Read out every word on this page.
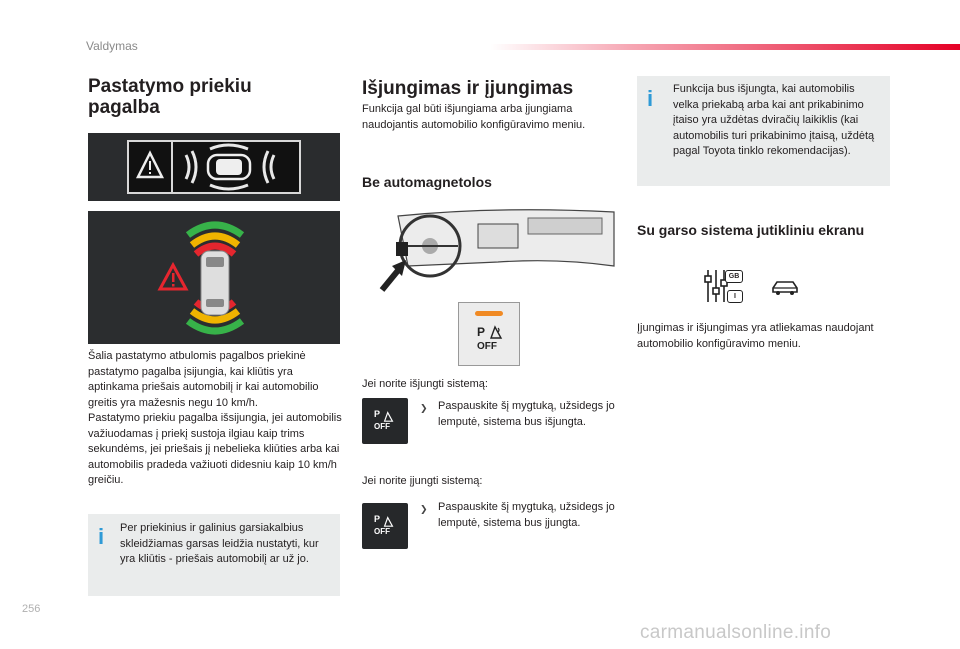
Valdymas
Pastatymo priekiu pagalba
Šalia pastatymo atbulomis pagalbos priekinė pastatymo pagalba įsijungia, kai kliūtis yra aptinkama priešais automobilį ir kai automobilio greitis yra mažesnis negu 10 km/h.
Pastatymo priekiu pagalba išsijungia, jei automobilis važiuodamas į priekį sustoja ilgiau kaip trims sekundėms, jei priešais jį nebelieka kliūties arba kai automobilis pradeda važiuoti didesniu kaip 10 km/h greičiu.
i Per priekinius ir galinius garsiakalbius skleidžiamas garsas leidžia nustatyti, kur yra kliūtis - priešais automobilį ar už jo.
Išjungimas ir įjungimas
Funkcija gal būti išjungiama arba įjungiama naudojantis automobilio konfigūravimo meniu.
Be automagnetolos
P
OFF
Jei norite išjungti sistemą:
P
OFF
❯ Paspauskite šį mygtuką, užsidegs jo lemputė, sistema bus išjungta.
Jei norite įjungti sistemą:
P
OFF
❯ Paspauskite šį mygtuką, užsidegs jo lemputė, sistema bus įjungta.
i Funkcija bus išjungta, kai automobilis velka priekabą arba kai ant prikabinimo įtaiso yra uždėtas dviračių laikiklis (kai automobilis turi prikabinimo įtaisą, uždėtą pagal Toyota tinklo rekomendacijas).
Su garso sistema jutikliniu ekranu
GB
I
Įjungimas ir išjungimas yra atliekamas naudojant automobilio konfigūravimo meniu.
256
carmanualsonline.info
